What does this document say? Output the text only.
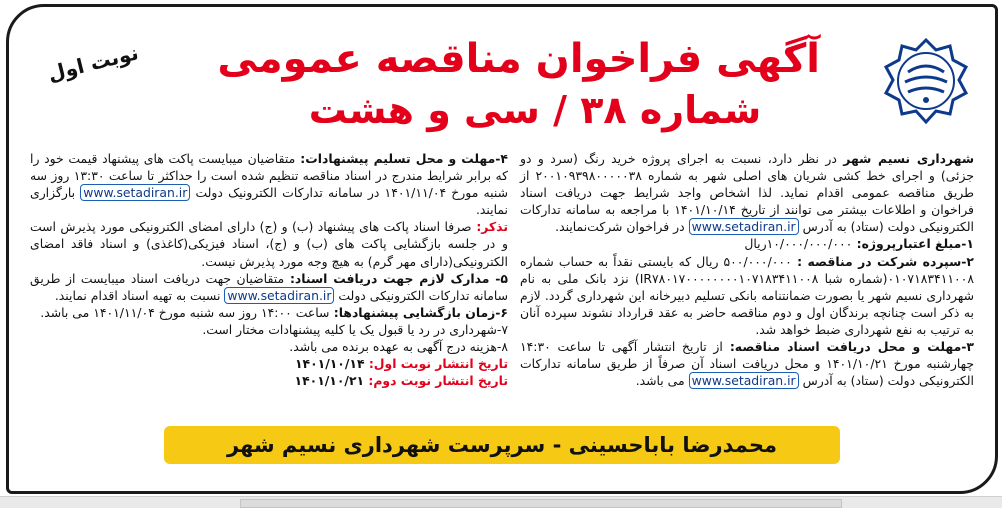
نوبت اول آگهی فراخوان مناقصه عمومی
شماره ۳۸ / سی و هشت

شهرداری نسیم شهر در نظر دارد، نسبت به اجرای پروژه خرید رنگ (سرد و دو جزئی) و اجرای خط کشی شریان های اصلی شهر به شماره ۲۰۰۱۰۹۳۹۸۰۰۰۰۰۳۸ از طریق مناقصه عمومی اقدام نماید. لذا اشخاص واجد شرایط جهت دریافت اسناد فراخوان و اطلاعات بیشتر می توانند از تاریخ ۱۴۰۱/۱۰/۱۴ با مراجعه به سامانه تدارکات الکترونیکی دولت (ستاد) به آدرس www.setadiran.ir در فراخوان شرکت‌نمایند.

۱-مبلغ اعتبارپروژه: ۱۰/۰۰۰/۰۰۰/۰۰۰ریال

۲-سپرده شرکت در مناقصه : ۵۰۰/۰۰۰/۰۰۰ ریال که بایستی نقداً به حساب شماره ۰۱۰۷۱۸۳۴۱۱۰۰۸(شماره شبا IR۷۸۰۱۷۰۰۰۰۰۰۰۰۱۰۷۱۸۳۴۱۱۰۰۸) نزد بانک ملی به نام شهرداری نسیم شهر یا بصورت ضمانتنامه بانکی تسلیم دبیرخانه این شهرداری گردد. لازم به ذکر است چنانچه برندگان اول و دوم مناقصه حاضر به عقد قرارداد نشوند سپرده آنان به ترتیب به نفع شهرداری ضبط خواهد شد.

۳-مهلت و محل دریافت اسناد مناقصه: از تاریخ انتشار آگهی تا ساعت ۱۴:۳۰ چهارشنبه مورخ ۱۴۰۱/۱۰/۲۱ و محل دریافت اسناد آن صرفاً از طریق سامانه تدارکات الکترونیکی دولت (ستاد) به آدرس www.setadiran.ir می باشد.

۴-مهلت و محل تسلیم پیشنهادات: متقاضیان میبایست پاکت های پیشنهاد قیمت خود را که برابر شرایط مندرج در اسناد مناقصه تنظیم شده است را حداکثر تا ساعت ۱۳:۳۰ روز سه شنبه مورخ ۱۴۰۱/۱۱/۰۴ در سامانه تدارکات الکترونیک دولت www.setadiran.ir بارگزاری نمایند.

تذکر: صرفا اسناد پاکت های پیشنهاد (ب) و (ج) دارای امضای الکترونیکی مورد پذیرش است و در جلسه بازگشایی پاکت های (ب) و (ج)، اسناد فیزیکی(کاغذی) و اسناد فاقد امضای الکترونیکی(دارای مهر گرم) به هیچ وجه مورد پذیرش نیست.

۵- مدارک لازم جهت دریافت اسناد: متقاضیان جهت دریافت اسناد میبایست از طریق سامانه تدارکات الکترونیکی دولت www.setadiran.ir نسبت به تهیه اسناد اقدام نمایند.

۶-زمان بازگشایی پیشنهادها: ساعت ۱۴:۰۰ روز سه شنبه مورخ ۱۴۰۱/۱۱/۰۴ می باشد.

۷-شهرداری در رد یا قبول یک یا کلیه پیشنهادات مختار است.

۸-هزینه درج آگهی به عهده برنده می باشد.

تاریخ انتشار نوبت اول: ۱۴۰۱/۱۰/۱۴

تاریخ انتشار نوبت دوم: ۱۴۰۱/۱۰/۲۱

محمدرضا باباحسینی - سرپرست شهرداری نسیم شهر
